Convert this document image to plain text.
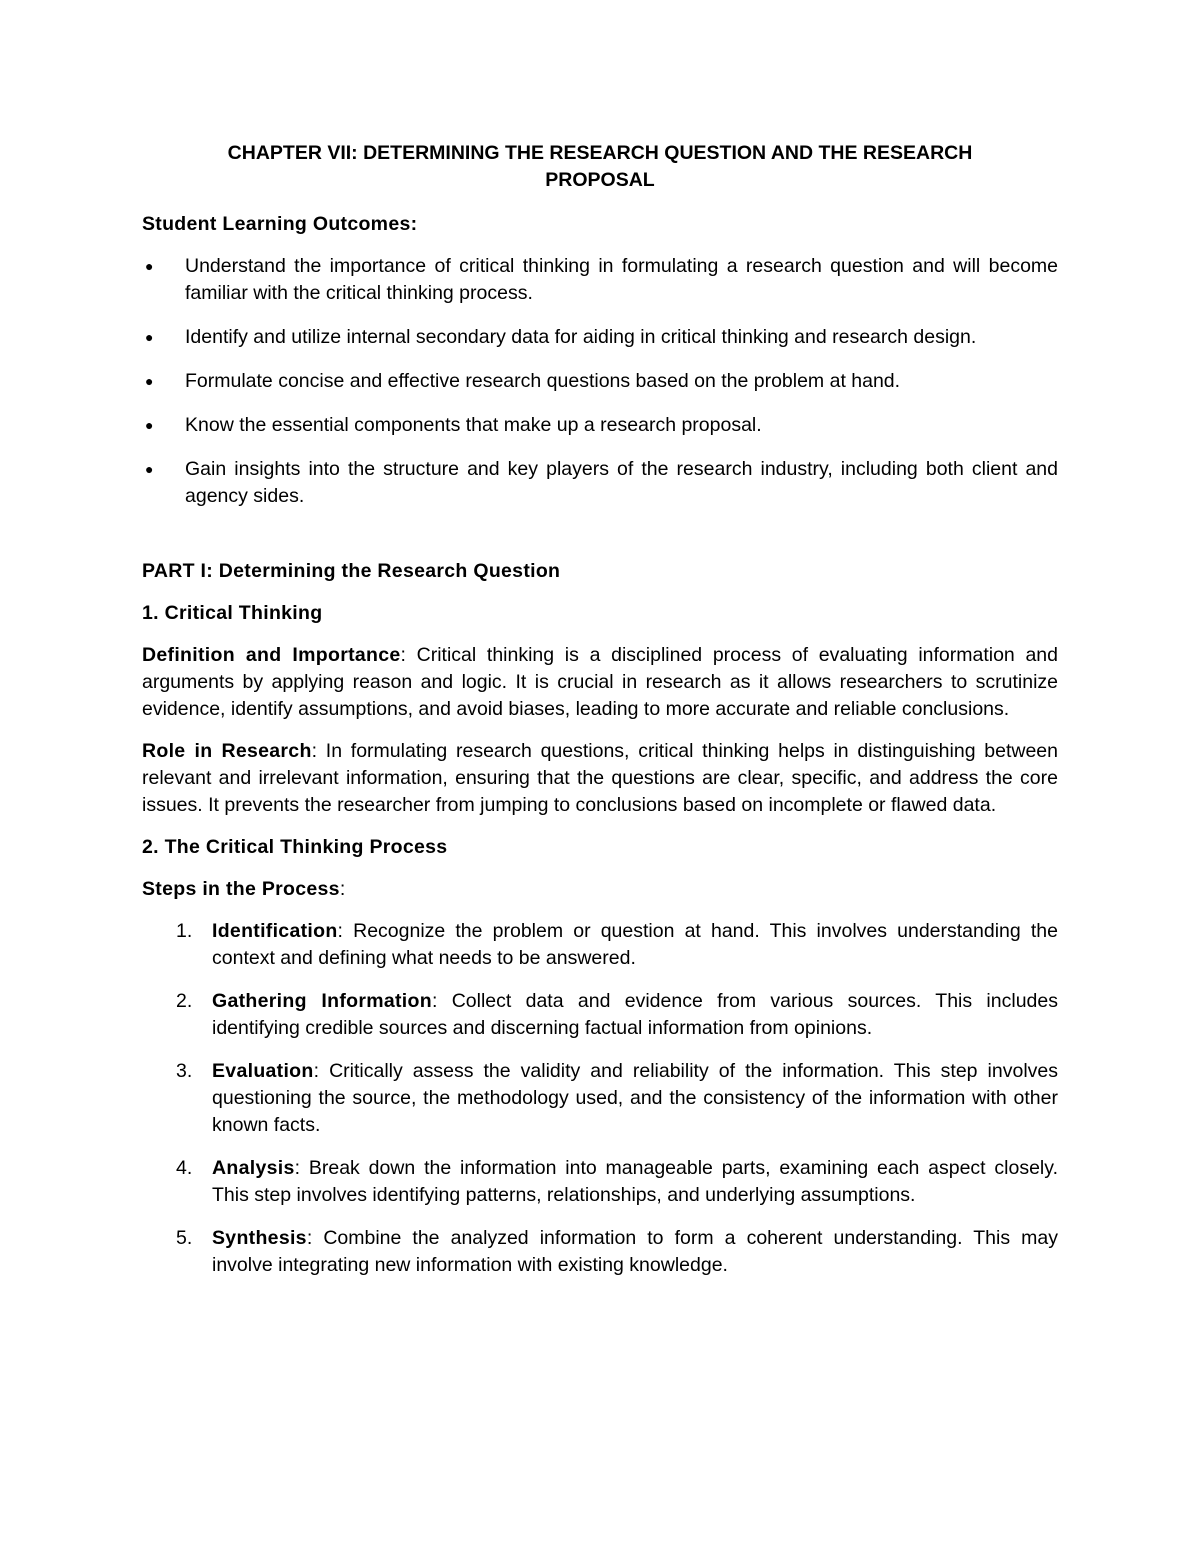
CHAPTER VII: DETERMINING THE RESEARCH QUESTION AND THE RESEARCH
PROPOSAL
Student Learning Outcomes:
● Understand the importance of critical thinking in formulating a research question and will become familiar with the critical thinking process.
● Identify and utilize internal secondary data for aiding in critical thinking and research design.
● Formulate concise and effective research questions based on the problem at hand.
● Know the essential components that make up a research proposal.
● Gain insights into the structure and key players of the research industry, including both client and agency sides.
PART I: Determining the Research Question
1. Critical Thinking

Definition and Importance: Critical thinking is a disciplined process of evaluating information and arguments by applying reason and logic. It is crucial in research as it allows researchers to scrutinize evidence, identify assumptions, and avoid biases, leading to more accurate and reliable conclusions.

Role in Research: In formulating research questions, critical thinking helps in distinguishing between relevant and irrelevant information, ensuring that the questions are clear, specific, and address the core issues. It prevents the researcher from jumping to conclusions based on incomplete or flawed data.

2. The Critical Thinking Process

Steps in the Process:

1. Identification: Recognize the problem or question at hand. This involves understanding the context and defining what needs to be answered.
2. Gathering Information: Collect data and evidence from various sources. This includes identifying credible sources and discerning factual information from opinions.
3. Evaluation: Critically assess the validity and reliability of the information. This step involves questioning the source, the methodology used, and the consistency of the information with other known facts.
4. Analysis: Break down the information into manageable parts, examining each aspect closely. This step involves identifying patterns, relationships, and underlying assumptions.
5. Synthesis: Combine the analyzed information to form a coherent understanding. This may involve integrating new information with existing knowledge.
